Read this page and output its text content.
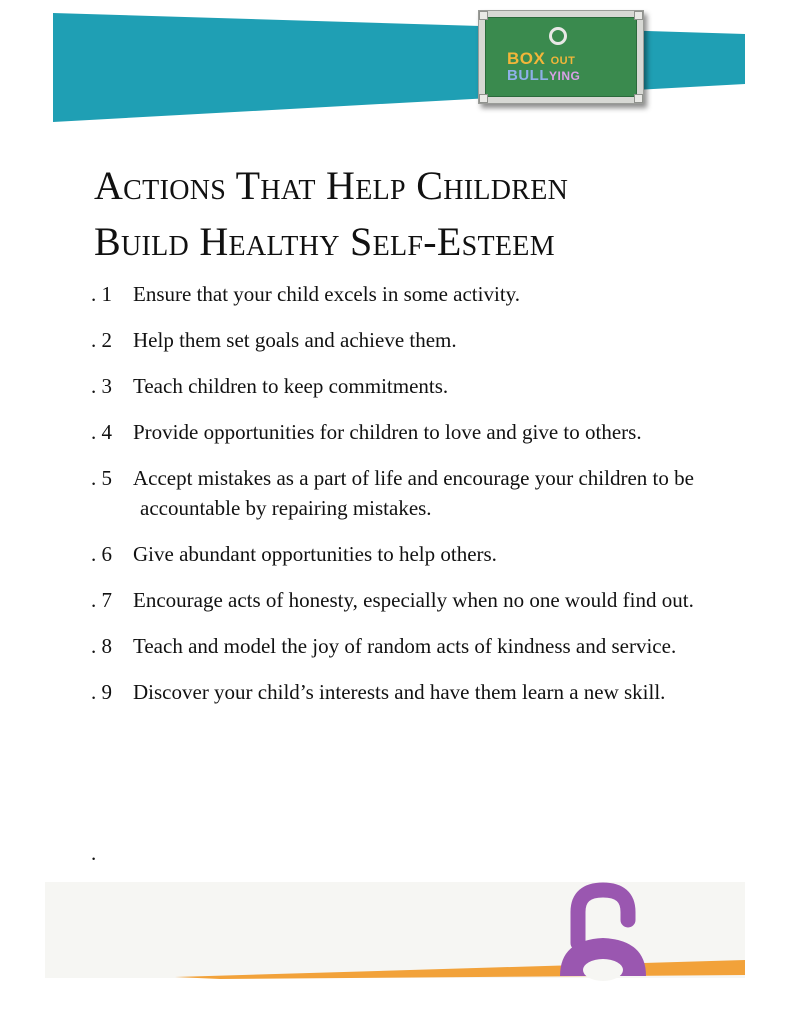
BOX OUT
BULLYING
Actions That Help Children
Build Healthy Self-Esteem
. 1 Ensure that your child excels in some activity.
. 2 Help them set goals and achieve them.
. 3 Teach children to keep commitments.
. 4 Provide opportunities for children to love and give to others.
. 5 Accept mistakes as a part of life and encourage your children to be accountable by repairing mistakes.
. 6 Give abundant opportunities to help others.
. 7 Encourage acts of honesty, especially when no one would find out.
. 8 Teach and model the joy of random acts of kindness and service.
. 9 Discover your child’s interests and have them learn a new skill.
.
